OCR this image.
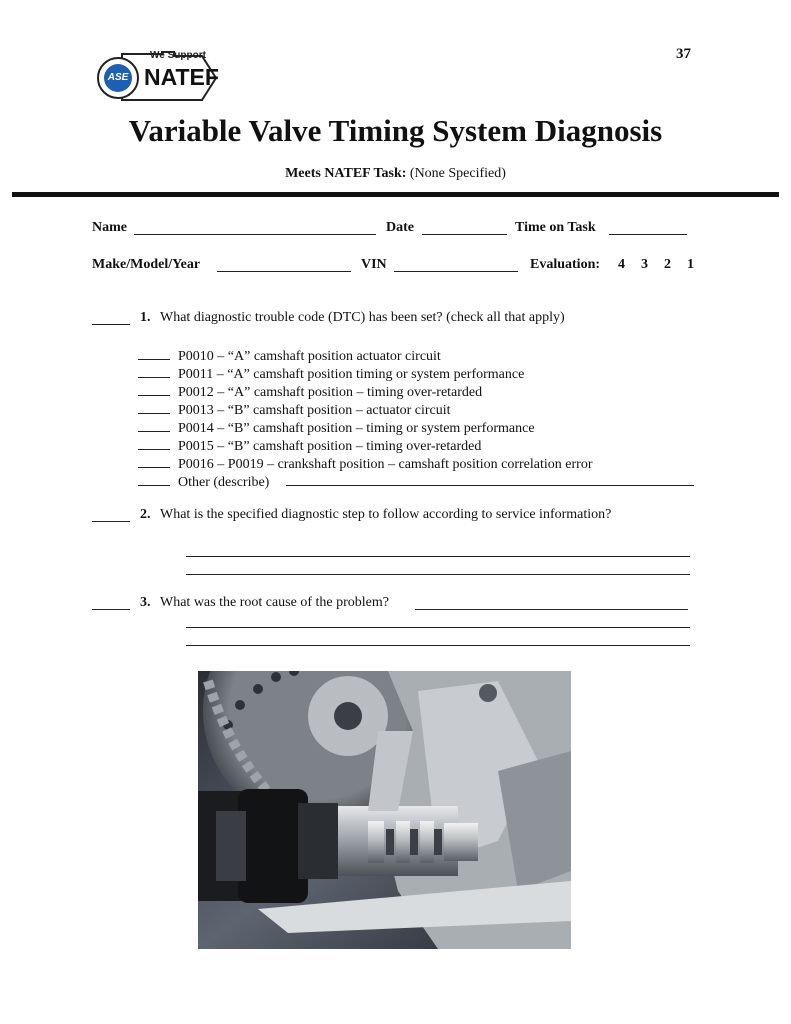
We Support
ASE NATEF
37
Variable Valve Timing System Diagnosis
Meets NATEF Task: (None Specified)
Name	Date	Time on Task
Make/Model/Year	VIN	Evaluation: 4 3 2 1
1. What diagnostic trouble code (DTC) has been set? (check all that apply)
P0010 – “A” camshaft position actuator circuit
P0011 – “A” camshaft position timing or system performance
P0012 – “A” camshaft position – timing over-retarded
P0013 – “B” camshaft position – actuator circuit
P0014 – “B” camshaft position – timing or system performance
P0015 – “B” camshaft position – timing over-retarded
P0016 – P0019 – crankshaft position – camshaft position correlation error
Other (describe)
2. What is the specified diagnostic step to follow according to service information?
3. What was the root cause of the problem?
